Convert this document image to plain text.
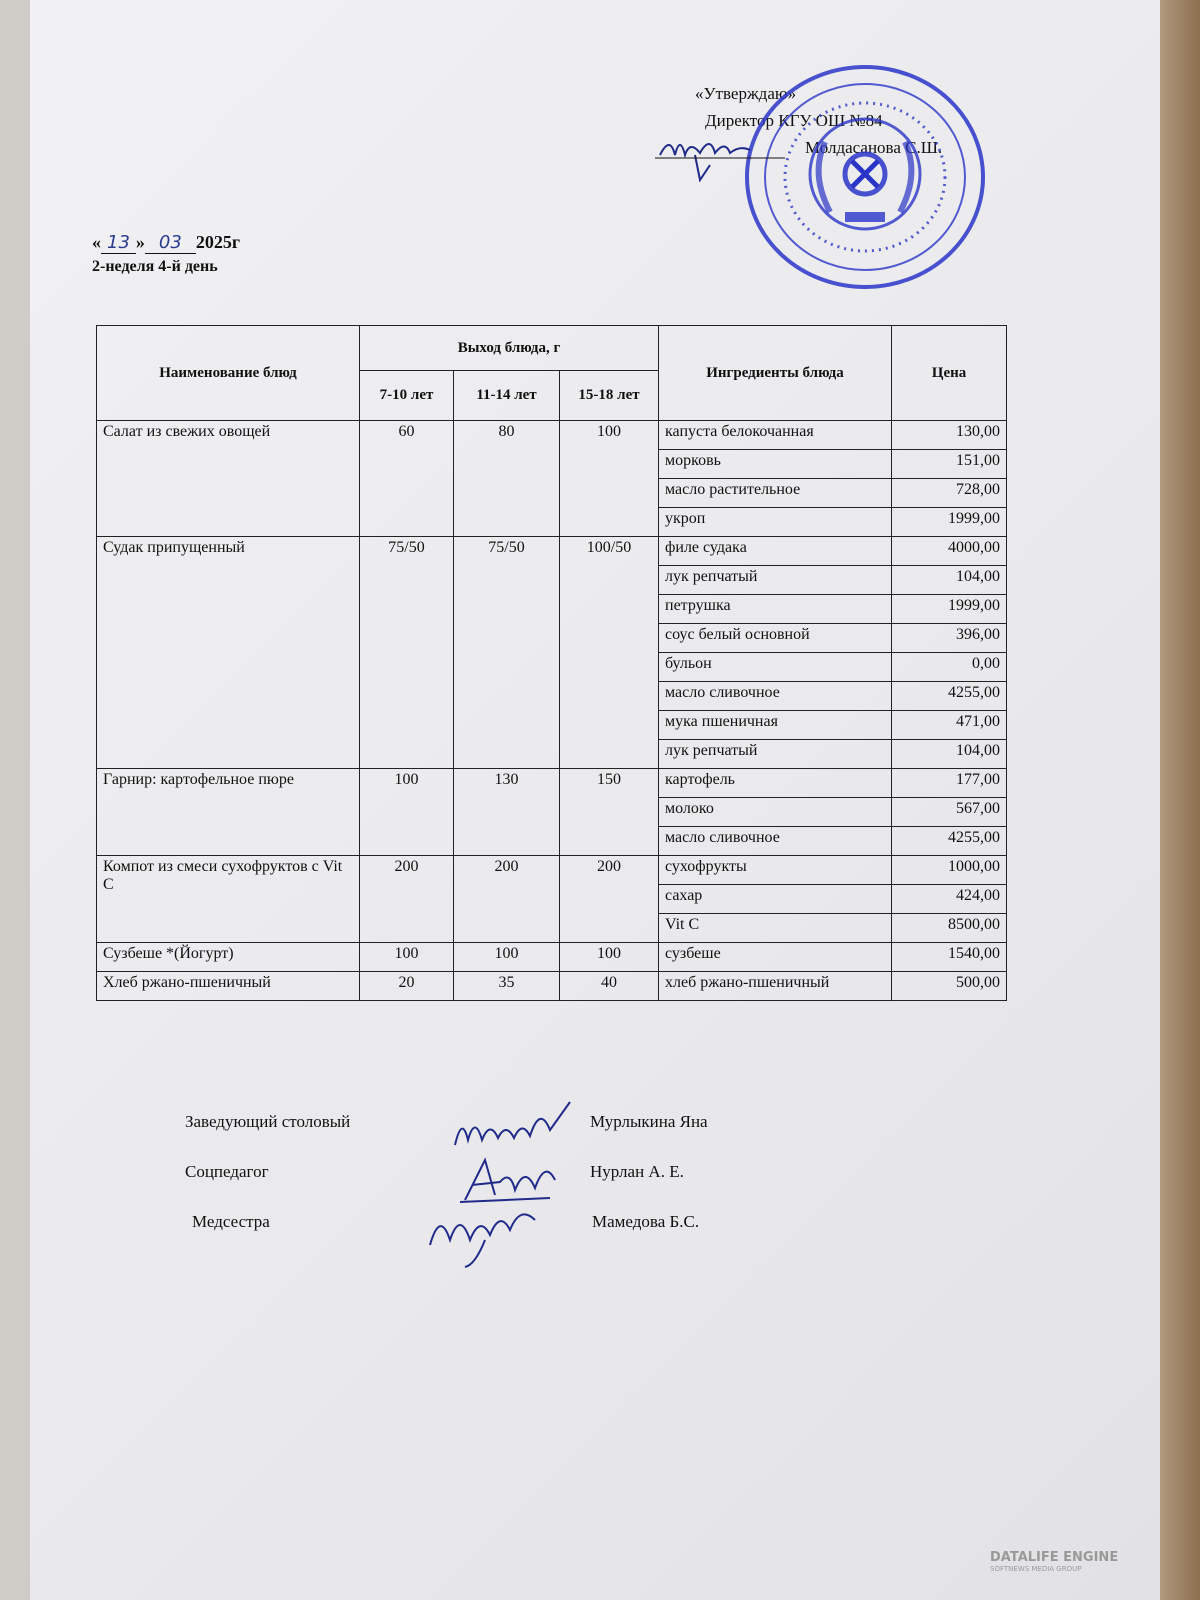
«Утверждаю»
Директор КГУ ОШ №84
Молдасанова С.Ш.
« 13 » 03 2025г
2-неделя 4-й день
Наименование блюд	Выход блюда, г			Ингредиенты блюда	Цена
	7-10 лет	11-14 лет	15-18 лет		
Салат из свежих овощей	60	80	100	капуста белокочанная	130,00
				морковь	151,00
				масло растительное	728,00
				укроп	1999,00
Судак припущенный	75/50	75/50	100/50	филе судака	4000,00
				лук репчатый	104,00
				петрушка	1999,00
				соус белый основной	396,00
				бульон	0,00
				масло сливочное	4255,00
				мука пшеничная	471,00
				лук репчатый	104,00
Гарнир: картофельное пюре	100	130	150	картофель	177,00
				молоко	567,00
				масло сливочное	4255,00
Компот из смеси сухофруктов с Vit C	200	200	200	сухофрукты	1000,00
				сахар	424,00
				Vit C	8500,00
Сузбеше *(Йогурт)	100	100	100	сузбеше	1540,00
Хлеб ржано-пшеничный	20	35	40	хлеб ржано-пшеничный	500,00
Заведующий столовый	Мурлыкина Яна
Соцпедагог	Нурлан А. Е.
Медсестра	Мамедова Б.С.
DATALIFE ENGINE
SOFTNEWS MEDIA GROUP
